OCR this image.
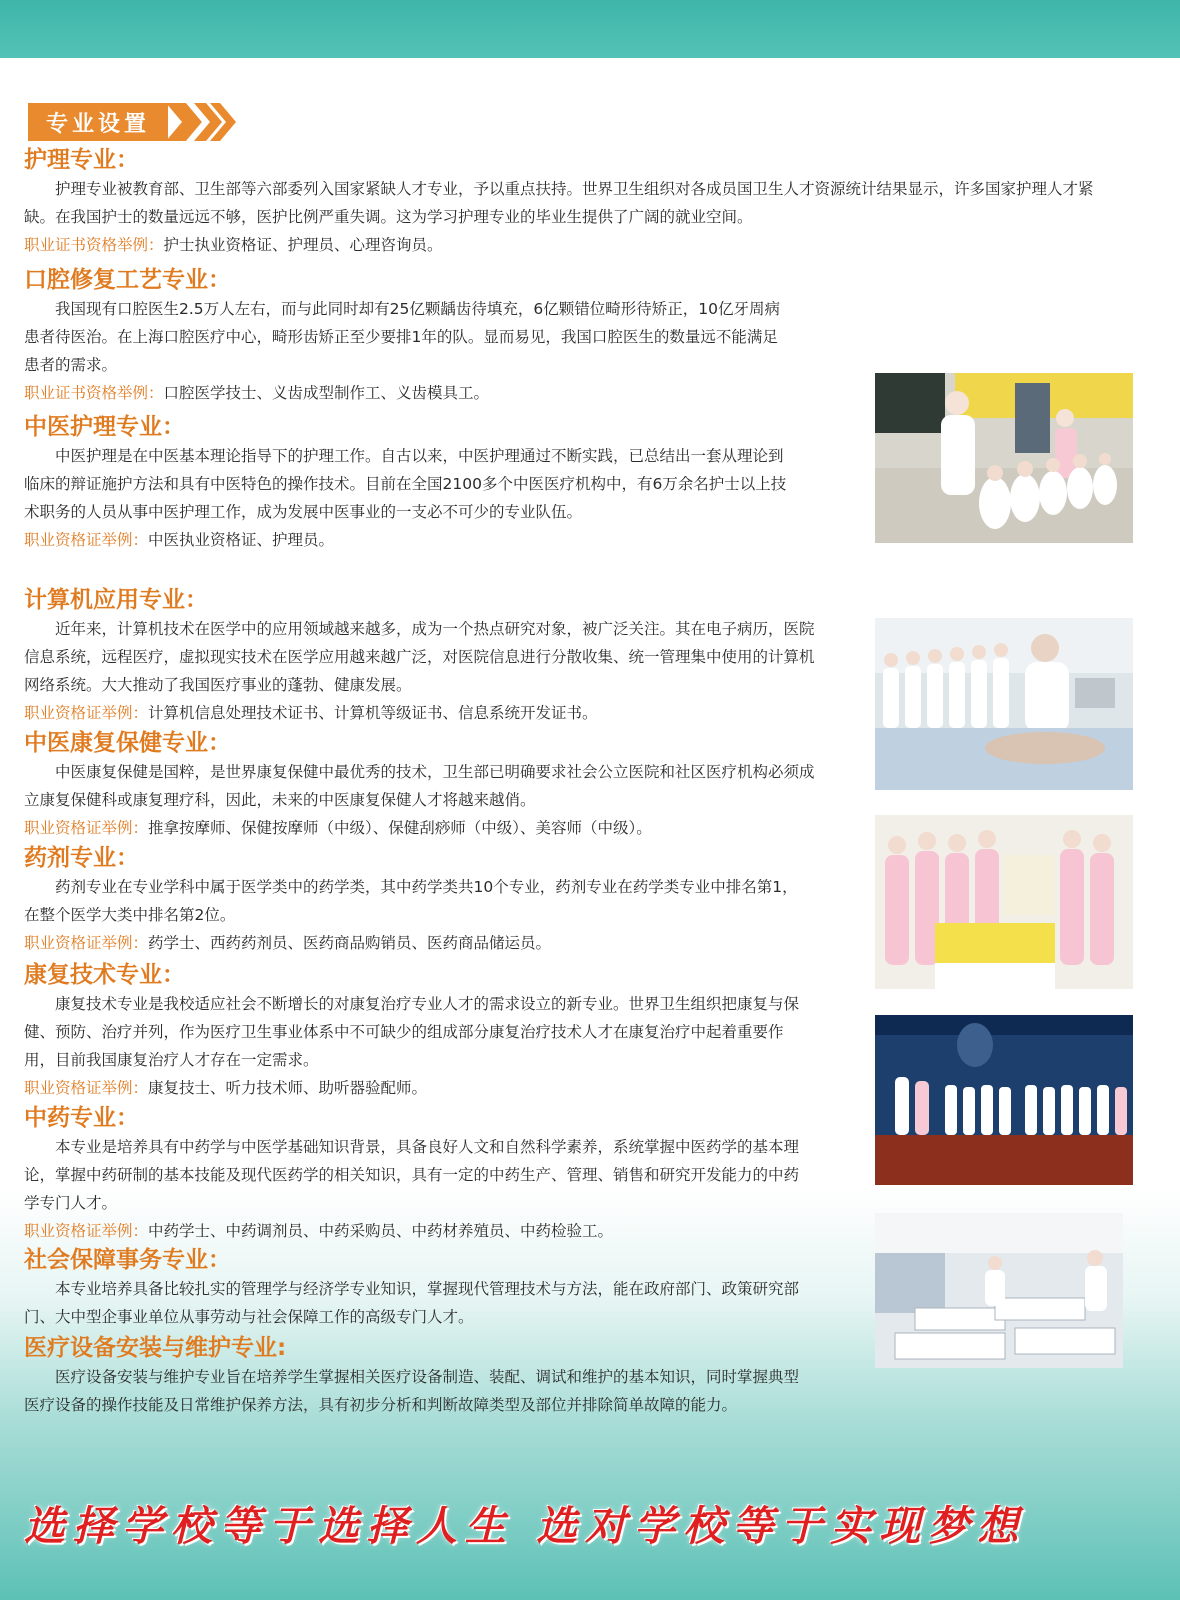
专业设置
护理专业：
护理专业被教育部、卫生部等六部委列入国家紧缺人才专业，予以重点扶持。世界卫生组织对各成员国卫生人才资源统计结果显示，许多国家护理人才紧缺。在我国护士的数量远远不够，医护比例严重失调。这为学习护理专业的毕业生提供了广阔的就业空间。
职业证书资格举例：护士执业资格证、护理员、心理咨询员。
口腔修复工艺专业：
我国现有口腔医生2.5万人左右，而与此同时却有25亿颗龋齿待填充，6亿颗错位畸形待矫正，10亿牙周病患者待医治。在上海口腔医疗中心，畸形齿矫正至少要排1年的队。显而易见，我国口腔医生的数量远不能满足患者的需求。
职业证书资格举例：口腔医学技士、义齿成型制作工、义齿模具工。
中医护理专业：
中医护理是在中医基本理论指导下的护理工作。自古以来，中医护理通过不断实践，已总结出一套从理论到临床的辩证施护方法和具有中医特色的操作技术。目前在全国2100多个中医医疗机构中，有6万余名护士以上技术职务的人员从事中医护理工作，成为发展中医事业的一支必不可少的专业队伍。
职业资格证举例：中医执业资格证、护理员。
计算机应用专业：
近年来，计算机技术在医学中的应用领域越来越多，成为一个热点研究对象，被广泛关注。其在电子病历，医院信息系统，远程医疗，虚拟现实技术在医学应用越来越广泛，对医院信息进行分散收集、统一管理集中使用的计算机网络系统。大大推动了我国医疗事业的蓬勃、健康发展。
职业资格证举例：计算机信息处理技术证书、计算机等级证书、信息系统开发证书。
中医康复保健专业：
中医康复保健是国粹，是世界康复保健中最优秀的技术，卫生部已明确要求社会公立医院和社区医疗机构必须成立康复保健科或康复理疗科，因此，未来的中医康复保健人才将越来越俏。
职业资格证举例：推拿按摩师、保健按摩师（中级）、保健刮痧师（中级）、美容师（中级）。
药剂专业：
药剂专业在专业学科中属于医学类中的药学类，其中药学类共10个专业，药剂专业在药学类专业中排名第1，在整个医学大类中排名第2位。
职业资格证举例：药学士、西药药剂员、医药商品购销员、医药商品储运员。
康复技术专业：
康复技术专业是我校适应社会不断增长的对康复治疗专业人才的需求设立的新专业。世界卫生组织把康复与保健、预防、治疗并列，作为医疗卫生事业体系中不可缺少的组成部分康复治疗技术人才在康复治疗中起着重要作用，目前我国康复治疗人才存在一定需求。
职业资格证举例：康复技士、听力技术师、助听器验配师。
中药专业：
本专业是培养具有中药学与中医学基础知识背景，具备良好人文和自然科学素养，系统掌握中医药学的基本理论，掌握中药研制的基本技能及现代医药学的相关知识，具有一定的中药生产、管理、销售和研究开发能力的中药学专门人才。
职业资格证举例：中药学士、中药调剂员、中药采购员、中药材养殖员、中药检验工。
社会保障事务专业：
本专业培养具备比较扎实的管理学与经济学专业知识，掌握现代管理技术与方法，能在政府部门、政策研究部门、大中型企事业单位从事劳动与社会保障工作的高级专门人才。
医疗设备安装与维护专业:
医疗设备安装与维护专业旨在培养学生掌握相关医疗设备制造、装配、调试和维护的基本知识，同时掌握典型医疗设备的操作技能及日常维护保养方法，具有初步分析和判断故障类型及部位并排除简单故障的能力。
选择学校等于选择人生 选对学校等于实现梦想
